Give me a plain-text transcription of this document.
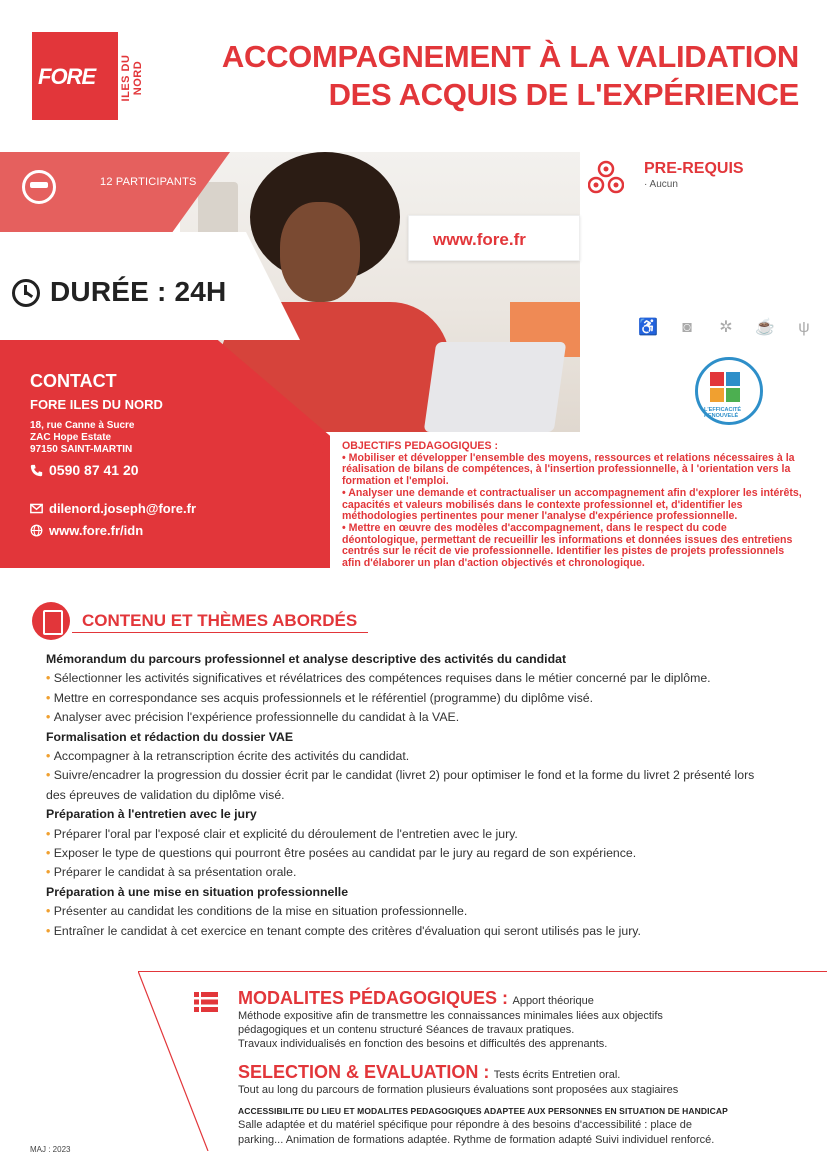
FORE ILES DU NORD
ACCOMPAGNEMENT À LA VALIDATION
DES ACQUIS DE L'EXPÉRIENCE
12 PARTICIPANTS
DURÉE : 24H
CONTACT
FORE ILES DU NORD
18, rue Canne à Sucre
ZAC Hope Estate
97150 SAINT-MARTIN
0590 87 41 20
dilenord.joseph@fore.fr
www.fore.fr/idn
www.fore.fr
PRE-REQUIS
· Aucun
♿	◙	✲ ☕ ψ
L'EFFICACITÉ RENOUVELÉ
OBJECTIFS PEDAGOGIQUES :
• Mobiliser et développer l'ensemble des moyens, ressources et relations nécessaires à la réalisation de bilans de compétences, à l'insertion professionnelle, à l 'orientation vers la formation et l'emploi.
• Analyser une demande et contractualiser un accompagnement afin d'explorer les intérêts, capacités et valeurs mobilisés dans le contexte professionnel et, d'identifier les méthodologies pertinentes pour mener l'analyse d'expérience professionnelle.
• Mettre en œuvre des modèles d'accompagnement, dans le respect du code déontologique, permettant de recueillir les informations et données issues des entretiens centrés sur le récit de vie professionnelle. Identifier les pistes de projets professionnels afin d'élaborer un plan d'action objectivés et chronologique.
CONTENU ET THÈMES ABORDÉS
Mémorandum du parcours professionnel et analyse descriptive des activités du candidat
• Sélectionner les activités significatives et révélatrices des compétences requises dans le métier concerné par le diplôme.
• Mettre en correspondance ses acquis professionnels et le référentiel (programme) du diplôme visé.
• Analyser avec précision l'expérience professionnelle du candidat à la VAE.
Formalisation et rédaction du dossier VAE
• Accompagner à la retranscription écrite des activités du candidat.
• Suivre/encadrer la progression du dossier écrit par le candidat (livret 2) pour optimiser le fond et la forme du livret 2 présenté lors des épreuves de validation du diplôme visé.
Préparation à l'entretien avec le jury
• Préparer l'oral par l'exposé clair et explicité du déroulement de l'entretien avec le jury.
• Exposer le type de questions qui pourront être posées au candidat par le jury au regard de son expérience.
• Préparer le candidat à sa présentation orale.
Préparation à une mise en situation professionnelle
• Présenter au candidat les conditions de la mise en situation professionnelle.
• Entraîner le candidat à cet exercice en tenant compte des critères d'évaluation qui seront utilisés pas le jury.
MODALITES PÉDAGOGIQUES : Apport théorique
Méthode expositive afin de transmettre les connaissances minimales liées aux objectifs
pédagogiques et un contenu structuré Séances de travaux pratiques.
Travaux individualisés en fonction des besoins et difficultés des apprenants.
SELECTION & EVALUATION : Tests écrits Entretien oral.
Tout au long du parcours de formation plusieurs évaluations sont proposées aux stagiaires
ACCESSIBILITE DU LIEU ET MODALITES PEDAGOGIQUES ADAPTEE AUX PERSONNES EN SITUATION DE HANDICAP
Salle adaptée et du matériel spécifique pour répondre à des besoins d'accessibilité : place de
parking... Animation de formations adaptée. Rythme de formation adapté Suivi individuel renforcé.
MAJ : 2023
